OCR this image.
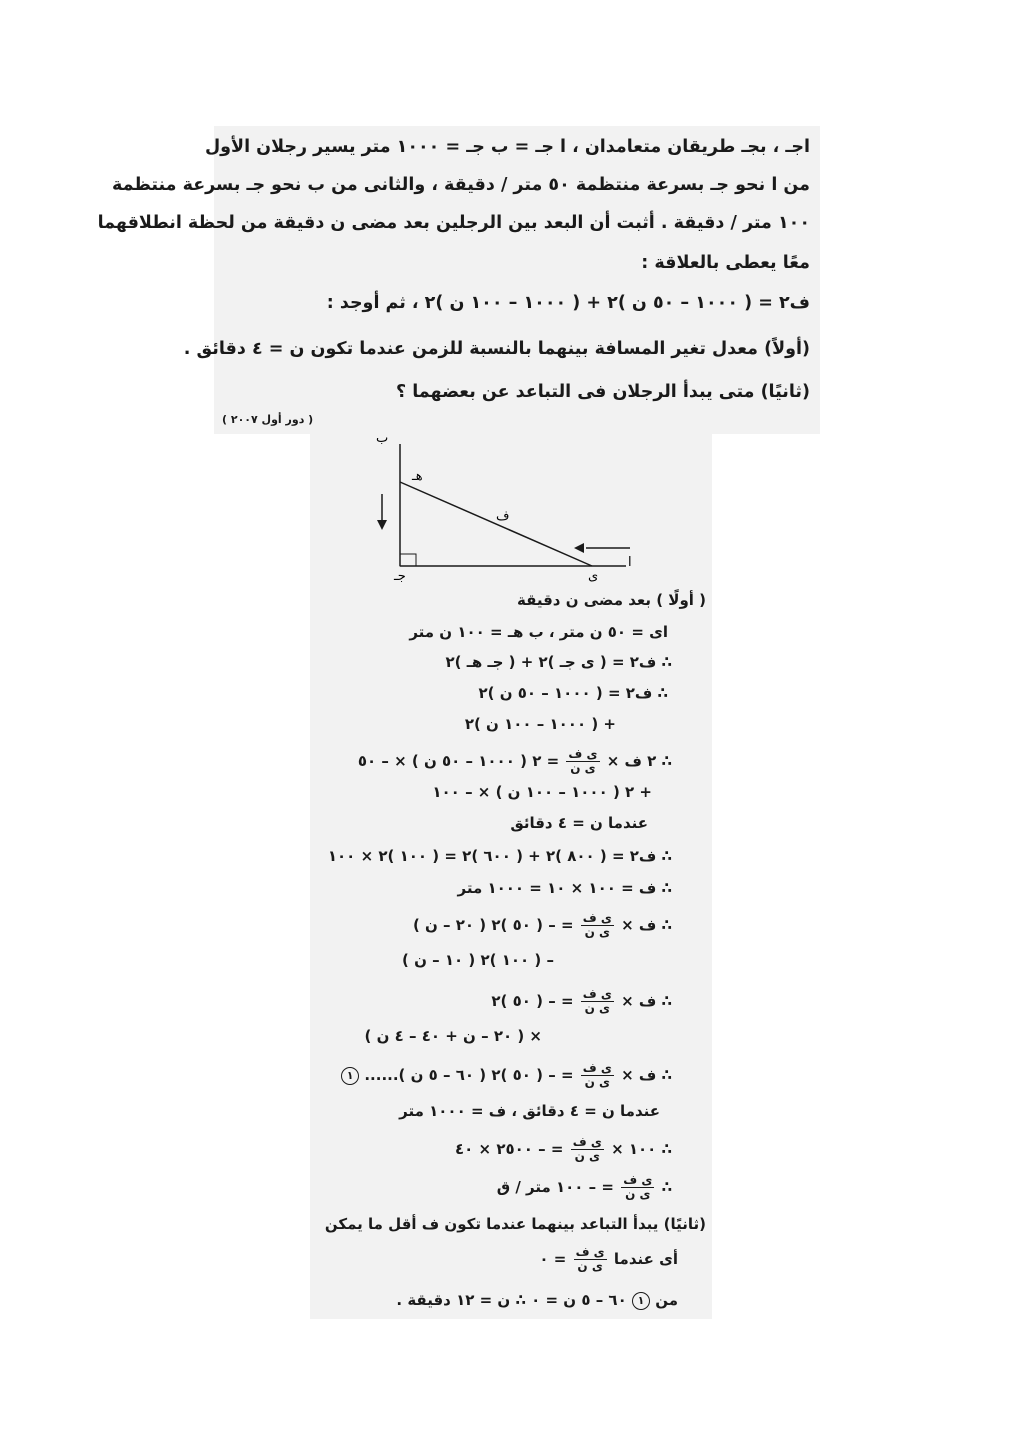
اجـ ، بجـ طريقان متعامدان ، ا جـ = ب جـ = ١٠٠٠ متر يسير رجلان الأول
من ا نحو جـ بسرعة منتظمة ٥٠ متر / دقيقة ، والثانى من ب نحو جـ بسرعة منتظمة
١٠٠ متر / دقيقة . أثبت أن البعد بين الرجلين بعد مضى ن دقيقة من لحظة انطلاقهما
معًا يعطى بالعلاقة :
ف٢ = ( ١٠٠٠ – ٥٠ ن )٢ + ( ١٠٠٠ – ١٠٠ ن )٢ ، ثم أوجد :
(أولاً) معدل تغير المسافة بينهما بالنسبة للزمن عندما تكون ن = ٤ دقائق .
(ثانيًا) متى يبدأ الرجلان فى التباعد عن بعضهما ؟
( دور أول ٢٠٠٧ )
ب
هـ
ف
جـ	ى
ا
( أولًا ) بعد مضى ن دقيقة
اى = ٥٠ ن متر ، ب هـ = ١٠٠ ن متر
∴ ف٢ = ( ى جـ )٢ + ( جـ هـ )٢
∴ ف٢ = ( ١٠٠٠ – ٥٠ ن )٢
+ ( ١٠٠٠ – ١٠٠ ن )٢
∴ ٢ ف ×
$\frac{\text{ى ف}}{\text{ى ن}}$
= ٢ ( ١٠٠٠ – ٥٠ ن ) × – ٥٠
+ ٢ ( ١٠٠٠ – ١٠٠ ن ) × – ١٠٠
عندما ن = ٤ دقائق
∴ ف٢ = ( ٨٠٠ )٢ + ( ٦٠٠ )٢ = ( ١٠٠ )٢ × ١٠٠
∴ ف = ١٠٠ × ١٠ = ١٠٠٠ متر
∴ ف ×
$\frac{\text{ى ف}}{\text{ى ن}}$
= – ( ٥٠ )٢ ( ٢٠ – ن )
– ( ١٠٠ )٢ ( ١٠ – ن )
∴ ف ×
$\frac{\text{ى ف}}{\text{ى ن}}$
= – ( ٥٠ )٢
× ( ٢٠ – ن + ٤٠ – ٤ ن )
∴ ف ×
$\frac{\text{ى ف}}{\text{ى ن}}$
= – ( ٥٠ )٢ ( ٦٠ – ٥ ن )...... ١
عندما ن = ٤ دقائق ، ف = ١٠٠٠ متر
∴ ١٠٠ ×
$\frac{\text{ى ف}}{\text{ى ن}}$
= – ٢٥٠٠ × ٤٠
∴
$\frac{\text{ى ف}}{\text{ى ن}}$
= – ١٠٠ متر / ق
(ثانيًا) يبدأ التباعد بينهما عندما تكون ف أقل ما يمكن
أى عندما
$\frac{\text{ى ف}}{\text{ى ن}}$
= ٠
من ١ ٦٠ – ٥ ن = ٠ ∴ ن = ١٢ دقيقة .
